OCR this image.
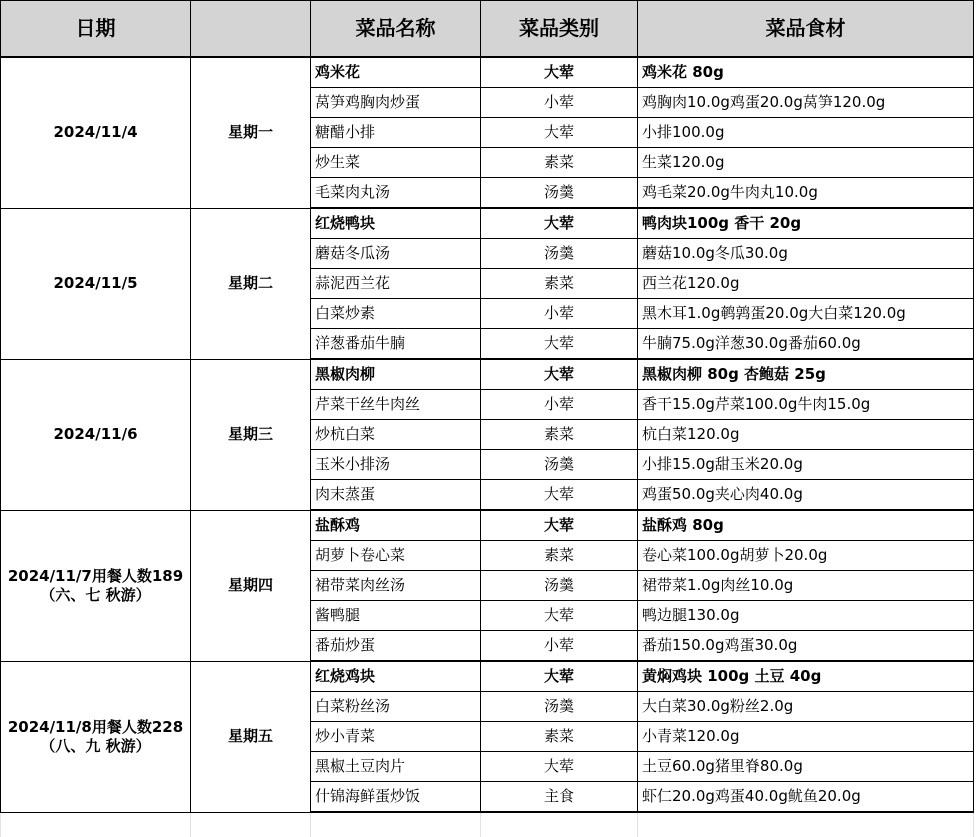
日期		菜品名称	菜品类别	菜品食材
2024/11/4	星期一	鸡米花	大荤	鸡米花 80g
		莴笋鸡胸肉炒蛋	小荤	鸡胸肉10.0g鸡蛋20.0g莴笋120.0g
		糖醋小排	大荤	小排100.0g
		炒生菜	素菜	生菜120.0g
		毛菜肉丸汤	汤羹	鸡毛菜20.0g牛肉丸10.0g
2024/11/5	星期二	红烧鸭块	大荤	鸭肉块100g 香干 20g
		蘑菇冬瓜汤	汤羹	蘑菇10.0g冬瓜30.0g
		蒜泥西兰花	素菜	西兰花120.0g
		白菜炒素	小荤	黑木耳1.0g鹌鹑蛋20.0g大白菜120.0g
		洋葱番茄牛腩	大荤	牛腩75.0g洋葱30.0g番茄60.0g
2024/11/6	星期三	黑椒肉柳	大荤	黑椒肉柳 80g 杏鲍菇 25g
		芹菜干丝牛肉丝	小荤	香干15.0g芹菜100.0g牛肉15.0g
		炒杭白菜	素菜	杭白菜120.0g
		玉米小排汤	汤羹	小排15.0g甜玉米20.0g
		肉末蒸蛋	大荤	鸡蛋50.0g夹心肉40.0g
2024/11/7用餐人数189（六、七 秋游）	星期四	盐酥鸡	大荤	盐酥鸡 80g
		胡萝卜卷心菜	素菜	卷心菜100.0g胡萝卜20.0g
		裙带菜肉丝汤	汤羹	裙带菜1.0g肉丝10.0g
		酱鸭腿	大荤	鸭边腿130.0g
		番茄炒蛋	小荤	番茄150.0g鸡蛋30.0g
2024/11/8用餐人数228（八、九 秋游）	星期五	红烧鸡块	大荤	黄焖鸡块 100g 土豆 40g
		白菜粉丝汤	汤羹	大白菜30.0g粉丝2.0g
		炒小青菜	素菜	小青菜120.0g
		黑椒土豆肉片	大荤	土豆60.0g猪里脊80.0g
		什锦海鲜蛋炒饭	主食	虾仁20.0g鸡蛋40.0g鱿鱼20.0g
